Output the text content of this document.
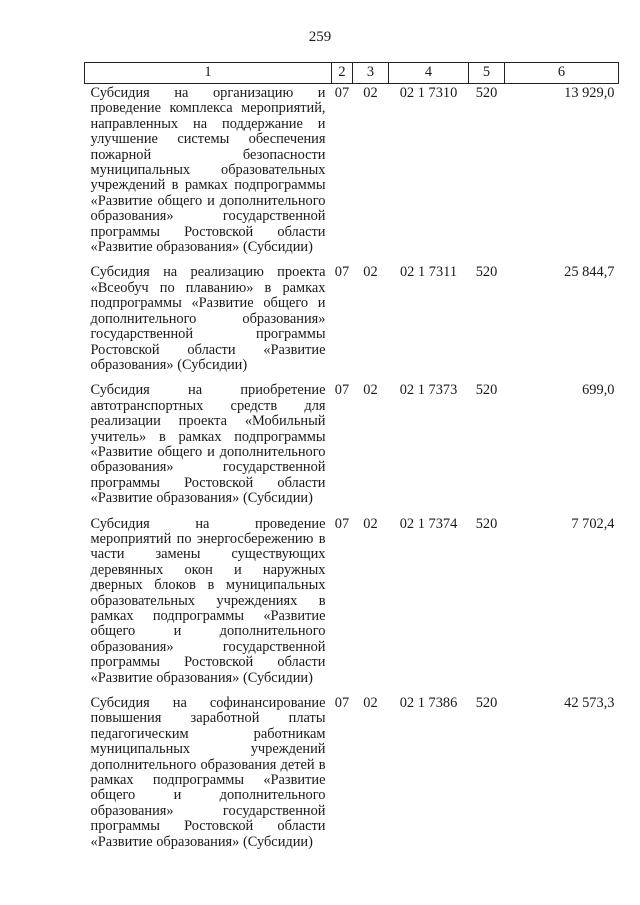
259
1	2	3	4	5	6
Субсидия на организацию и проведение комплекса мероприятий, направленных на поддержание и улучшение системы обеспечения пожарной безопасности муниципальных образовательных учреждений в рамках подпрограммы «Развитие общего и дополнительного образования» государственной программы Ростовской области «Развитие образования» (Субсидии)	07	02	02 1 7310	520	13 929,0
Субсидия на реализацию проекта «Всеобуч по плаванию» в рамках подпрограммы «Развитие общего и дополнительного образования» государственной программы Ростовской области «Развитие образования» (Субсидии)	07	02	02 1 7311	520	25 844,7
Субсидия на приобретение автотранспортных средств для реализации проекта «Мобильный учитель» в рамках подпрограммы «Развитие общего и дополнительного образования» государственной программы Ростовской области «Развитие образования» (Субсидии)	07	02	02 1 7373	520	699,0
Субсидия на проведение мероприятий по энергосбережению в части замены существующих деревянных окон и наружных дверных блоков в муниципальных образовательных учреждениях в рамках подпрограммы «Развитие общего и дополнительного образования» государственной программы Ростовской области «Развитие образования» (Субсидии)	07	02	02 1 7374	520	7 702,4
Субсидия на софинансирование повышения заработной платы педагогическим работникам муниципальных учреждений дополнительного образования детей в рамках подпрограммы «Развитие общего и дополнительного образования» государственной программы Ростовской области «Развитие образования» (Субсидии)	07	02	02 1 7386	520	42 573,3
